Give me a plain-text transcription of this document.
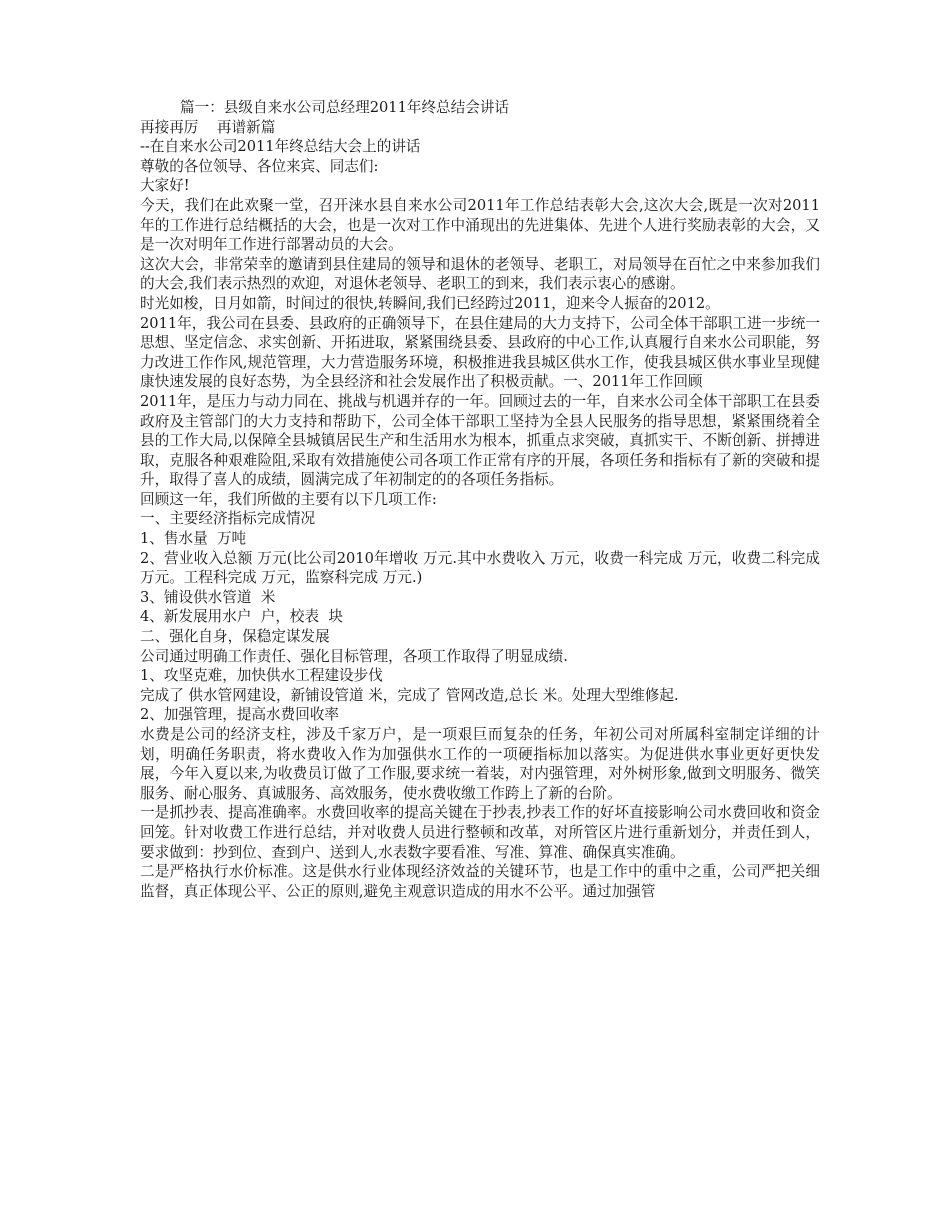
篇一：县级自来水公司总经理2011年终总结会讲话

再接再厉    再谱新篇

--在自来水公司2011年终总结大会上的讲话

尊敬的各位领导、各位来宾、同志们:

大家好!

今天，我们在此欢聚一堂，召开涞水县自来水公司2011年工作总结表彰大会,这次大会,既是一次对2011年的工作进行总结概括的大会，也是一次对工作中涌现出的先进集体、先进个人进行奖励表彰的大会，又是一次对明年工作进行部署动员的大会。

这次大会，非常荣幸的邀请到县住建局的领导和退休的老领导、老职工，对局领导在百忙之中来参加我们的大会,我们表示热烈的欢迎，对退休老领导、老职工的到来，我们表示衷心的感谢。

时光如梭，日月如箭，时间过的很快,转瞬间,我们已经跨过2011，迎来令人振奋的2012。

2011年，我公司在县委、县政府的正确领导下，在县住建局的大力支持下，公司全体干部职工进一步统一思想、坚定信念、求实创新、开拓进取，紧紧围绕县委、县政府的中心工作,认真履行自来水公司职能，努力改进工作作风,规范管理，大力营造服务环境，积极推进我县城区供水工作，使我县城区供水事业呈现健康快速发展的良好态势，为全县经济和社会发展作出了积极贡献。一、2011年工作回顾

2011年，是压力与动力同在、挑战与机遇并存的一年。回顾过去的一年，自来水公司全体干部职工在县委政府及主管部门的大力支持和帮助下，公司全体干部职工坚持为全县人民服务的指导思想，紧紧围绕着全县的工作大局,以保障全县城镇居民生产和生活用水为根本，抓重点求突破，真抓实干、不断创新、拼搏进取，克服各种艰难险阻,采取有效措施使公司各项工作正常有序的开展，各项任务和指标有了新的突破和提升，取得了喜人的成绩，圆满完成了年初制定的的各项任务指标。

回顾这一年，我们所做的主要有以下几项工作:

一、主要经济指标完成情况

1、售水量  万吨

2、营业收入总额 万元(比公司2010年增收 万元.其中水费收入 万元，收费一科完成 万元，收费二科完成 万元。工程科完成 万元，监察科完成 万元.)

3、铺设供水管道  米

4、新发展用水户  户，校表  块

二、强化自身，保稳定谋发展

公司通过明确工作责任、强化目标管理，各项工作取得了明显成绩.

1、攻坚克难，加快供水工程建设步伐

完成了 供水管网建设，新铺设管道 米，完成了 管网改造,总长 米。处理大型维修起.

2、加强管理，提高水费回收率

水费是公司的经济支柱，涉及千家万户，是一项艰巨而复杂的任务，年初公司对所属科室制定详细的计划，明确任务职责，将水费收入作为加强供水工作的一项硬指标加以落实。为促进供水事业更好更快发展，今年入夏以来,为收费员订做了工作服,要求统一着装，对内强管理，对外树形象,做到文明服务、微笑服务、耐心服务、真诚服务、高效服务，使水费收缴工作跨上了新的台阶。

一是抓抄表、提高准确率。水费回收率的提高关键在于抄表,抄表工作的好坏直接影响公司水费回收和资金回笼。针对收费工作进行总结，并对收费人员进行整顿和改革，对所管区片进行重新划分，并责任到人，要求做到：抄到位、查到户、送到人,水表数字要看准、写准、算准、确保真实准确。

二是严格执行水价标准。这是供水行业体现经济效益的关键环节，也是工作中的重中之重，公司严把关细监督，真正体现公平、公正的原则,避免主观意识造成的用水不公平。通过加强管
